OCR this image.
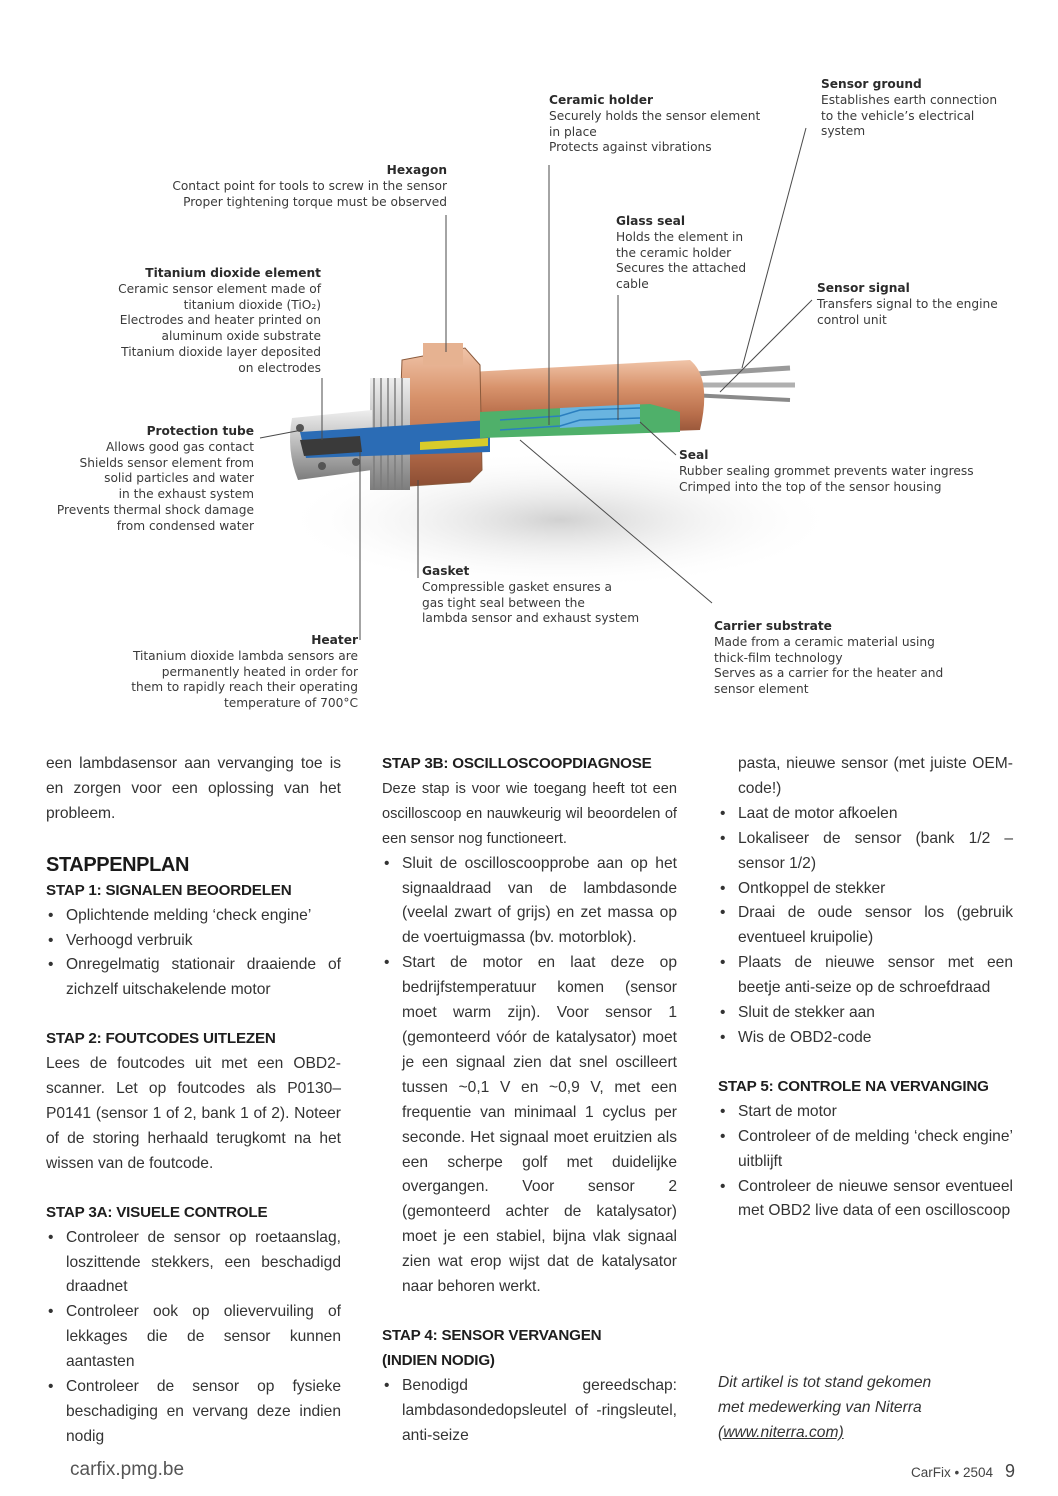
Sensor ground
Establishes earth connection
to the vehicle’s electrical
system
Ceramic holder
Securely holds the sensor element
in place
Protects against vibrations
Hexagon
Contact point for tools to screw in the sensor
Proper tightening torque must be observed
Glass seal
Holds the element in
the ceramic holder
Secures the attached
cable	Sensor signal
Transfers signal to the engine
control unit
Titanium dioxide element
Ceramic sensor element made of
titanium dioxide (TiO₂)
Electrodes and heater printed on
aluminum oxide substrate
Titanium dioxide layer deposited
on electrodes
Protection tube
Allows good gas contact
Shields sensor element from
solid particles and water
in the exhaust system
Prevents thermal shock damage
from condensed water
Seal
Rubber sealing grommet prevents water ingress
Crimped into the top of the sensor housing
Gasket
Compressible gasket ensures a
gas tight seal between the
lambda sensor and exhaust system
Carrier substrate
Made from a ceramic material using
thick-film technology
Serves as a carrier for the heater and
sensor element
Heater
Titanium dioxide lambda sensors are
permanently heated in order for
them to rapidly reach their operating
temperature of 700°C

een lambdasensor aan vervanging toe is en zorgen voor een oplossing van het probleem.

STAPPENPLAN
STAP 1: SIGNALEN BEOORDELEN
• Oplichtende melding ‘check engine’
• Verhoogd verbruik
• Onregelmatig stationair draaiende of zichzelf uitschakelende motor
STAP 2: FOUTCODES UITLEZEN

Lees de foutcodes uit met een OBD2-scanner. Let op foutcodes als P0130–P0141 (sensor 1 of 2, bank 1 of 2). Noteer of de storing herhaald terugkomt na het wissen van de foutcode.

STAP 3A: VISUELE CONTROLE
• Controleer de sensor op roetaanslag, loszittende stekkers, een beschadigd draadnet
• Controleer ook op olievervuiling of lekkages die de sensor kunnen aantasten
• Controleer de sensor op fysieke beschadiging en vervang deze indien nodig
STAP 3B: OSCILLOSCOOPDIAGNOSE

Deze stap is voor wie toegang heeft tot een oscilloscoop en nauwkeurig wil beoordelen of een sensor nog functioneert.

• Sluit de oscilloscoopprobe aan op het signaaldraad van de lambdasonde (veelal zwart of grijs) en zet massa op de voertuigmassa (bv. motorblok).
• Start de motor en laat deze op bedrijfstemperatuur komen (sensor moet warm zijn). Voor sensor 1 (gemonteerd vóór de katalysator) moet je een signaal zien dat snel oscilleert tussen ~0,1 V en ~0,9 V, met een frequentie van minimaal 1 cyclus per seconde. Het signaal moet eruitzien als een scherpe golf met duidelijke overgangen. Voor sensor 2 (gemonteerd achter de katalysator) moet je een stabiel, bijna vlak signaal zien wat erop wijst dat de katalysator naar behoren werkt.
STAP 4: SENSOR VERVANGEN
(INDIEN NODIG)
• Benodigd gereedschap: lambdasondedopsleutel of -ringsleutel, anti-seize

pasta, nieuwe sensor (met juiste OEM-code!)

• Laat de motor afkoelen
• Lokaliseer de sensor (bank 1/2 – sensor 1/2)
• Ontkoppel de stekker
• Draai de oude sensor los (gebruik eventueel kruipolie)
• Plaats de nieuwe sensor met een beetje anti-seize op de schroefdraad
• Sluit de stekker aan
• Wis de OBD2-code
STAP 5: CONTROLE NA VERVANGING
• Start de motor
• Controleer of de melding ‘check engine’ uitblijft
• Controleer de nieuwe sensor eventueel met OBD2 live data of een oscilloscoop
Dit artikel is tot stand gekomen
met medewerking van Niterra
(www.niterra.com)
carfix.pmg.be	CarFix • 2504 9
